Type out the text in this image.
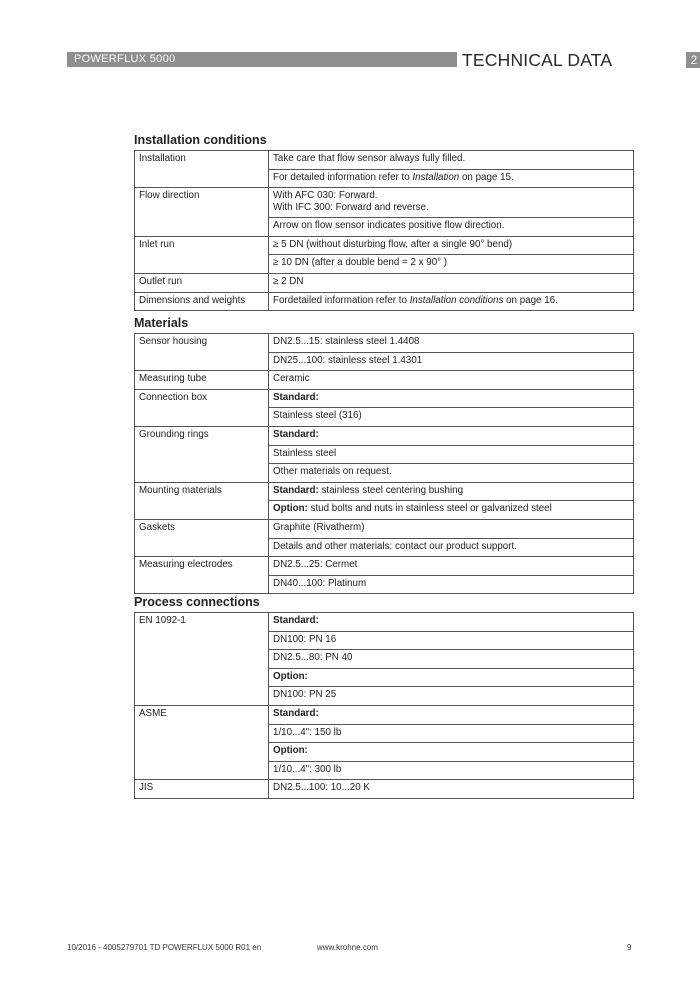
POWERFLUX 5000	TECHNICAL DATA	2
Installation conditions
Installation	Take care that flow sensor always fully filled.
	For detailed information refer to Installation on page 15.
Flow direction	With AFC 030: Forward.
With IFC 300: Forward and reverse.
	Arrow on flow sensor indicates positive flow direction.
Inlet run	≥ 5 DN (without disturbing flow, after a single 90° bend)
	≥ 10 DN (after a double bend = 2 x 90° )
Outlet run	≥ 2 DN
Dimensions and weights	Fordetailed information refer to Installation conditions on page 16.
Materials
Sensor housing	DN2.5...15: stainless steel 1.4408
	DN25...100: stainless steel 1.4301
Measuring tube	Ceramic
Connection box	Standard:
	Stainless steel (316)
Grounding rings	Standard:
	Stainless steel
	Other materials on request.
Mounting materials	Standard: stainless steel centering bushing
	Option: stud bolts and nuts in stainless steel or galvanized steel
Gaskets	Graphite (Rivatherm)
	Details and other materials: contact our product support.
Measuring electrodes	DN2.5...25: Cermet
	DN40...100: Platinum
Process connections
EN 1092-1	Standard:
	DN100: PN 16
	DN2.5...80: PN 40
	Option:
	DN100: PN 25
ASME	Standard:
	1/10...4": 150 lb
	Option:
	1/10...4": 300 lb
JIS	DN2.5...100: 10...20 K
10/2016 - 4005279701 TD POWERFLUX 5000 R01 en	www.krohne.com	9
